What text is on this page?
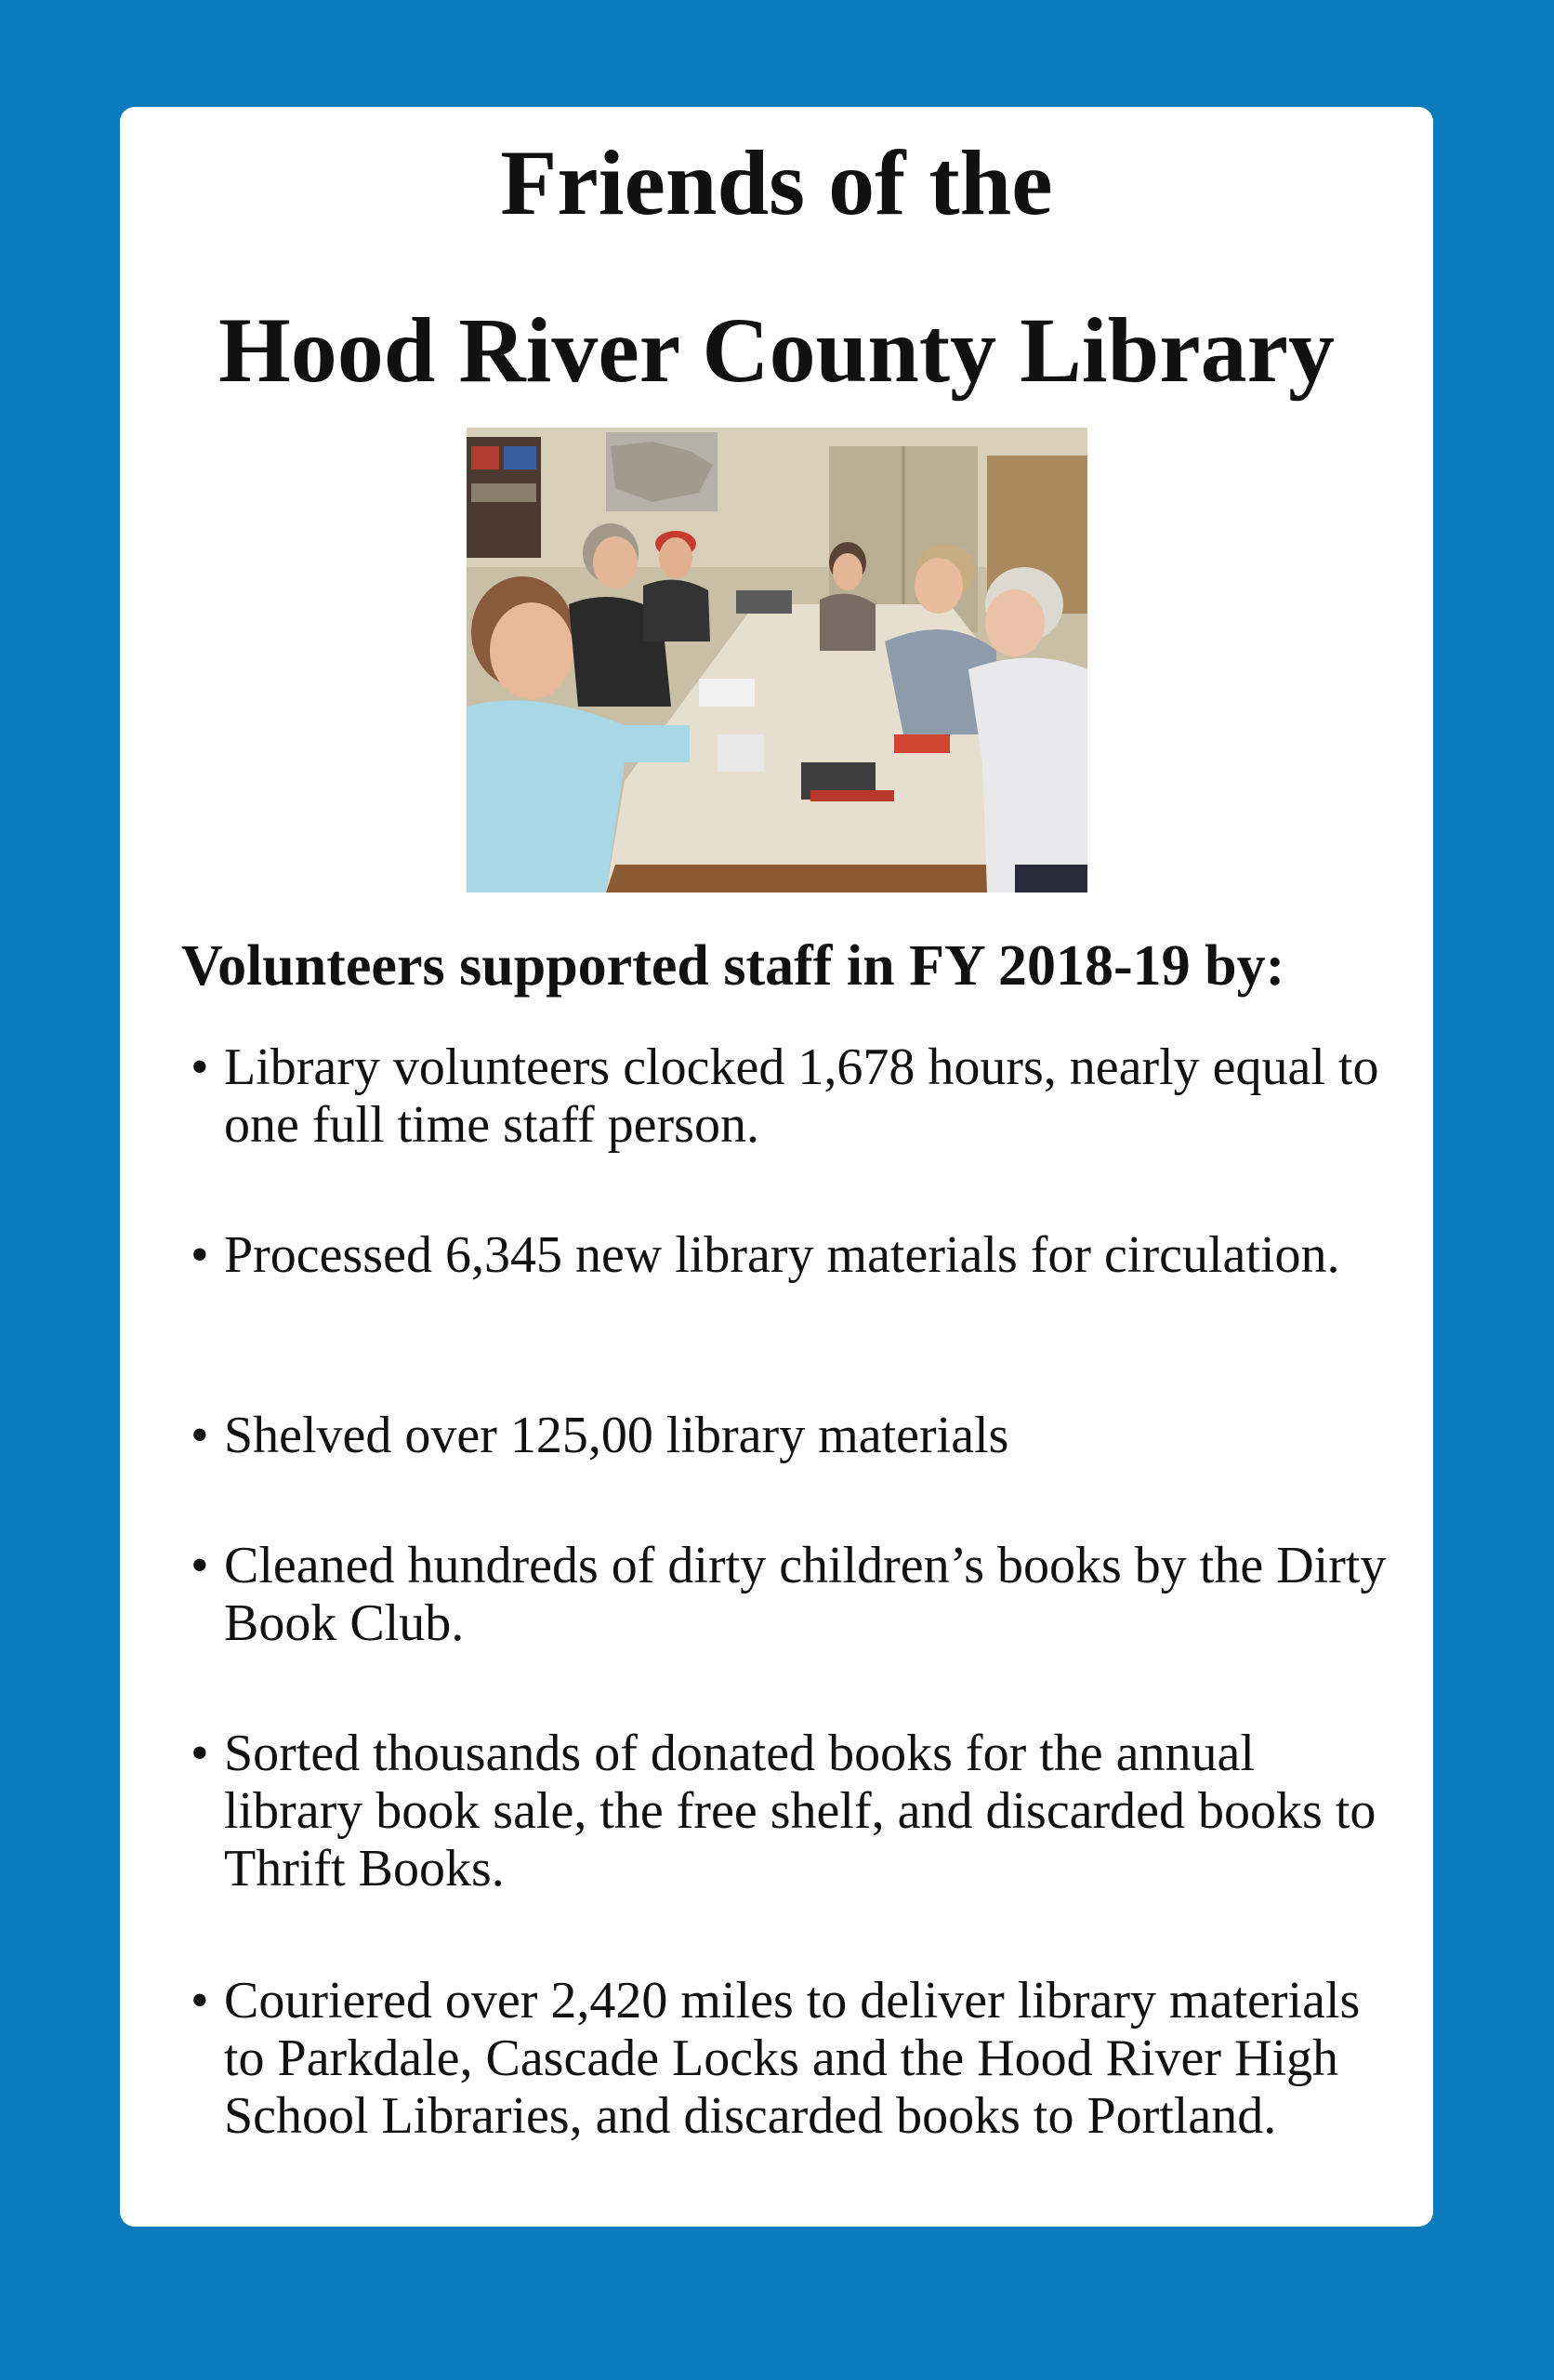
Friends of the
Hood River County Library
Volunteers supported staff in FY 2018-19 by:
• Library volunteers clocked 1,678 hours, nearly equal to one full time staff person.
• Processed 6,345 new library materials for circulation.
• Shelved over 125,00 library materials
• Cleaned hundreds of dirty children’s books by the Dirty Book Club.
• Sorted thousands of donated books for the annual library book sale, the free shelf, and discarded books to Thrift Books.
• Couriered over 2,420 miles to deliver library materials to Parkdale, Cascade Locks and the Hood River High School Libraries, and discarded books to Portland.
